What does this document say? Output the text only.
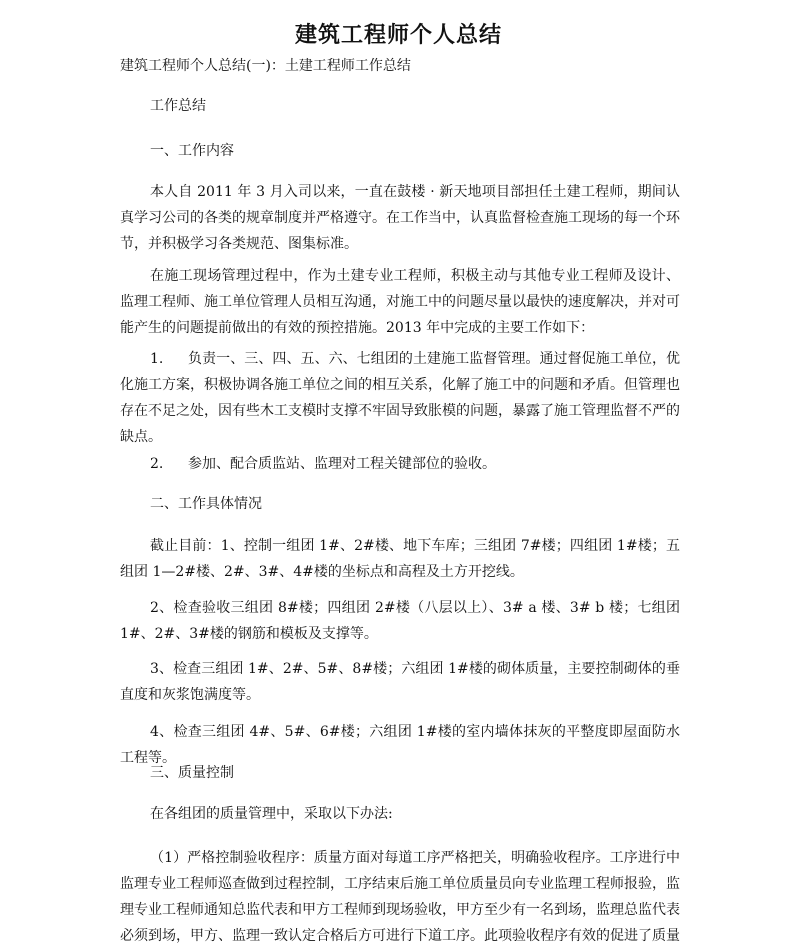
建筑工程师个人总结

建筑工程师个人总结(一)：土建工程师工作总结

工作总结

一、工作内容

本人自 2011 年 3 月入司以来，一直在鼓楼 · 新天地项目部担任土建工程师，期间认真学习公司的各类的规章制度并严格遵守。在工作当中，认真监督检查施工现场的每一个环节，并积极学习各类规范、图集标准。

在施工现场管理过程中，作为土建专业工程师，积极主动与其他专业工程师及设计、监理工程师、施工单位管理人员相互沟通，对施工中的问题尽量以最快的速度解决，并对可能产生的问题提前做出的有效的预控措施。2013 年中完成的主要工作如下：

1. 负责一、三、四、五、六、七组团的土建施工监督管理。通过督促施工单位，优化施工方案，积极协调各施工单位之间的相互关系，化解了施工中的问题和矛盾。但管理也存在不足之处，因有些木工支模时支撑不牢固导致胀模的问题，暴露了施工管理监督不严的缺点。

2. 参加、配合质监站、监理对工程关键部位的验收。

二、工作具体情况

截止目前：1、控制一组团 1#、2#楼、地下车库；三组团 7#楼；四组团 1#楼；五组团 1—2#楼、2#、3#、4#楼的坐标点和高程及土方开挖线。

2、检查验收三组团 8#楼；四组团 2#楼（八层以上）、3# a 楼、3# b 楼；七组团 1#、2#、3#楼的钢筋和模板及支撑等。

3、检查三组团 1#、2#、5#、8#楼；六组团 1#楼的砌体质量，主要控制砌体的垂直度和灰浆饱满度等。

4、检查三组团 4#、5#、6#楼；六组团 1#楼的室内墙体抹灰的平整度即屋面防水工程等。

三、质量控制

在各组团的质量管理中，采取以下办法:

（1）严格控制验收程序：质量方面对每道工序严格把关，明确验收程序。工序进行中监理专业工程师巡查做到过程控制，工序结束后施工单位质量员向专业监理工程师报验，监理专业工程师通知总监代表和甲方工程师到现场验收，甲方至少有一名到场，监理总监代表必须到场，甲方、监理一致认定合格后方可进行下道工序。此项验收程序有效的促进了质量
